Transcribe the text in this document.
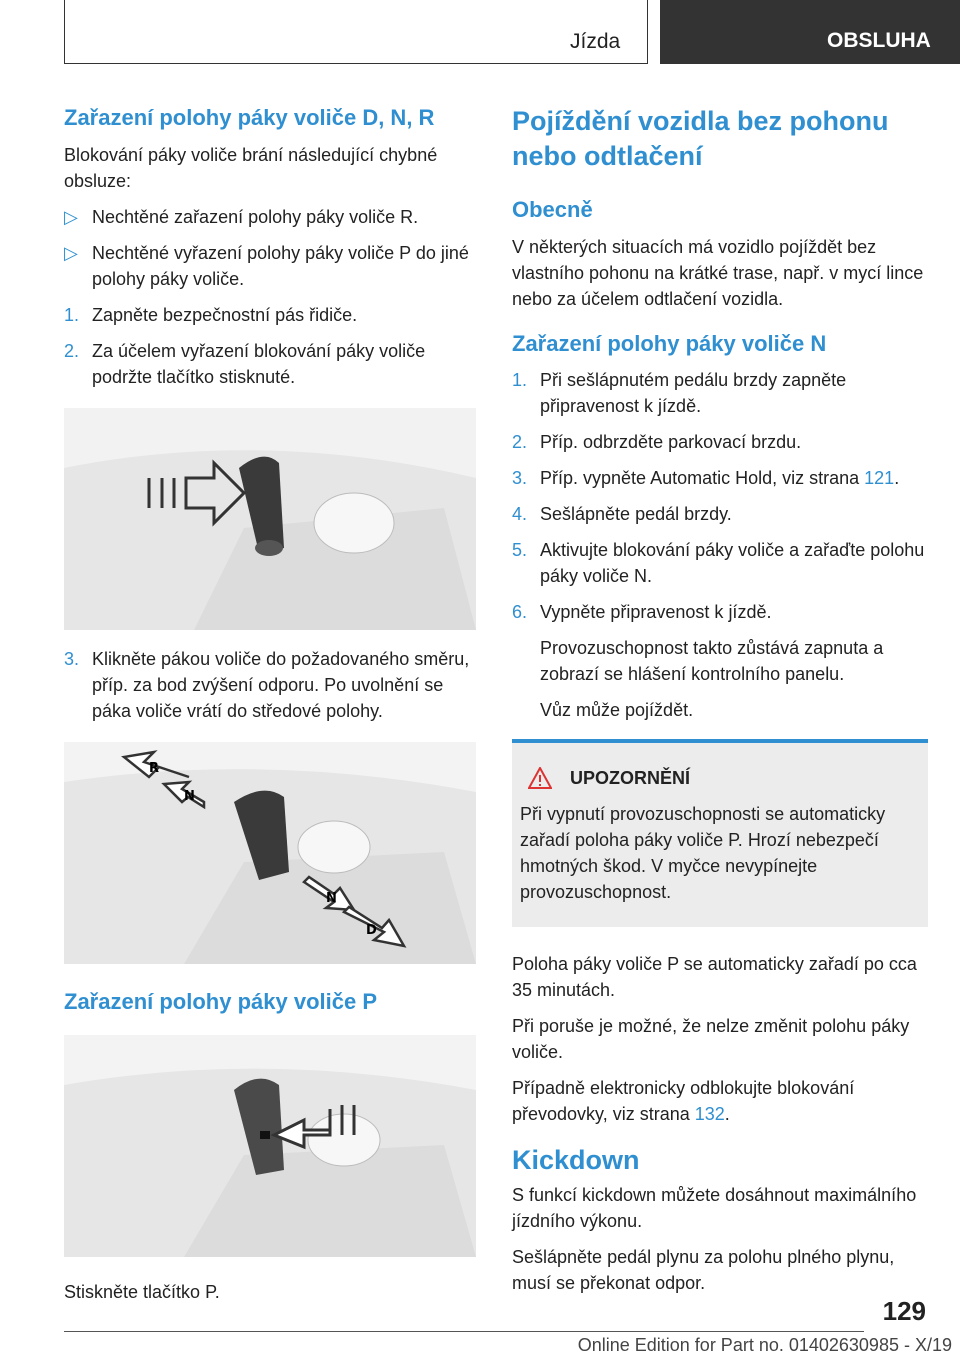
Jízda	OBSLUHA
Zařazení polohy páky voliče D, N, R

Blokování páky voliče brání následující chybné obsluze:

▷ Nechtěné zařazení polohy páky voliče R.
▷ Nechtěné vyřazení polohy páky voliče P do jiné polohy páky voliče.
1. Zapněte bezpečnostní pás řidiče.
2. Za účelem vyřazení blokování páky voliče podržte tlačítko stisknuté.
3. Klikněte pákou voliče do požadovaného směru, příp. za bod zvýšení odporu. Po uvolnění se páka voliče vrátí do středové polohy.
R
N
N
D
Zařazení polohy páky voliče P

Stiskněte tlačítko P.

Pojíždění vozidla bez pohonu nebo odtlačení
Obecně

V některých situacích má vozidlo pojíždět bez vlastního pohonu na krátké trase, např. v mycí lince nebo za účelem odtlačení vozidla.

Zařazení polohy páky voliče N
1. Při sešlápnutém pedálu brzdy zapněte připravenost k jízdě.
2. Příp. odbrzděte parkovací brzdu.
3. Příp. vypněte Automatic Hold, viz strana 121.
4. Sešlápněte pedál brzdy.
5. Aktivujte blokování páky voliče a zařaďte polohu páky voliče N.
6. Vypněte připravenost k jízdě.

Provozuschopnost takto zůstává zapnuta a zobrazí se hlášení kontrolního panelu.

Vůz může pojíždět.

UPOZORNĚNÍ

Při vypnutí provozuschopnosti se automaticky zařadí poloha páky voliče P. Hrozí nebezpečí hmotných škod. V myčce nevypínejte provozuschopnost.

Poloha páky voliče P se automaticky zařadí po cca 35 minutách.

Při poruše je možné, že nelze změnit polohu páky voliče.

Případně elektronicky odblokujte blokování převodovky, viz strana 132.

Kickdown

S funkcí kickdown můžete dosáhnout maximálního jízdního výkonu.

Sešlápněte pedál plynu za polohu plného plynu, musí se překonat odpor.

129
Online Edition for Part no. 01402630985 - X/19
